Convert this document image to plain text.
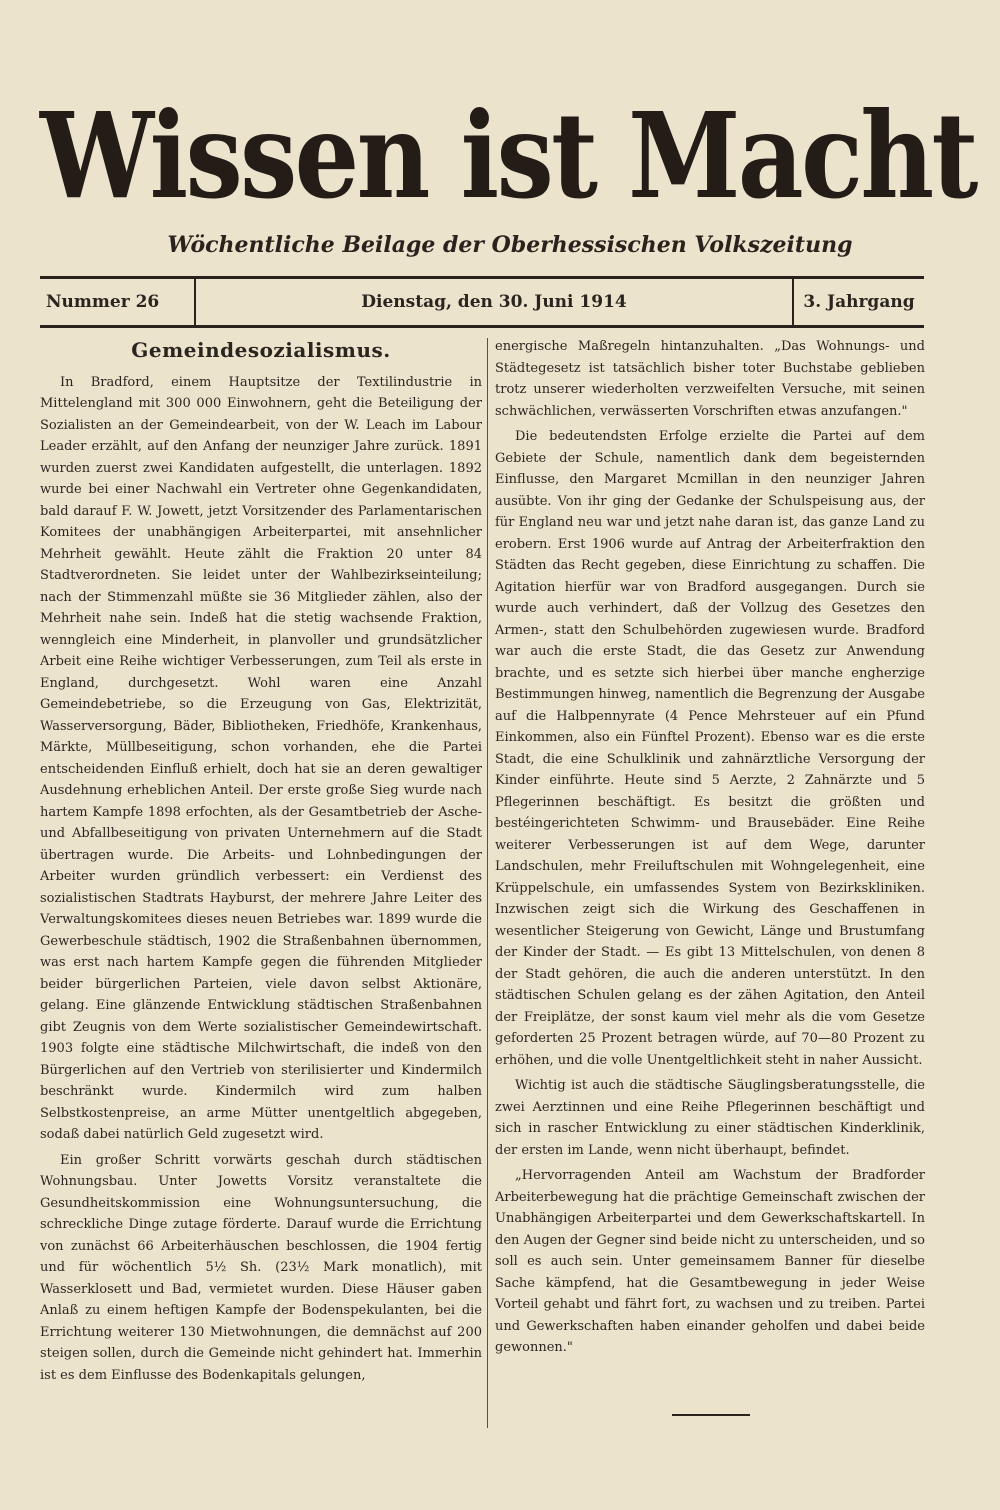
Wissen ist Macht
Wöchentliche Beilage der Oberhessischen Volkszeitung
Nummer 26	Dienstag, den 30. Juni 1914	3. Jahrgang
Gemeindesozialismus.

In Bradford, einem Hauptsitze der Textilindustrie in Mittelengland mit 300 000 Einwohnern, geht die Beteiligung der Sozialisten an der Gemeindearbeit, von der W. Leach im Labour Leader erzählt, auf den Anfang der neunziger Jahre zurück. 1891 wurden zuerst zwei Kandidaten aufgestellt, die unterlagen. 1892 wurde bei einer Nachwahl ein Vertreter ohne Gegenkandidaten, bald darauf F. W. Jowett, jetzt Vorsitzender des Parlamentarischen Komitees der unabhängigen Arbeiterpartei, mit ansehnlicher Mehrheit gewählt. Heute zählt die Fraktion 20 unter 84 Stadtverordneten. Sie leidet unter der Wahlbezirkseinteilung; nach der Stimmenzahl müßte sie 36 Mitglieder zählen, also der Mehrheit nahe sein. Indeß hat die stetig wachsende Fraktion, wenngleich eine Minderheit, in planvoller und grundsätzlicher Arbeit eine Reihe wichtiger Verbesserungen, zum Teil als erste in England, durchgesetzt. Wohl waren eine Anzahl Gemeindebetriebe, so die Erzeugung von Gas, Elektrizität, Wasserversorgung, Bäder, Bibliotheken, Friedhöfe, Krankenhaus, Märkte, Müllbeseitigung, schon vorhanden, ehe die Partei entscheidenden Einfluß erhielt, doch hat sie an deren gewaltiger Ausdehnung erheblichen Anteil. Der erste große Sieg wurde nach hartem Kampfe 1898 erfochten, als der Gesamtbetrieb der Asche- und Abfallbeseitigung von privaten Unternehmern auf die Stadt übertragen wurde. Die Arbeits- und Lohnbedingungen der Arbeiter wurden gründlich verbessert: ein Verdienst des sozialistischen Stadtrats Hayburst, der mehrere Jahre Leiter des Verwaltungskomitees dieses neuen Betriebes war. 1899 wurde die Gewerbeschule städtisch, 1902 die Straßenbahnen übernommen, was erst nach hartem Kampfe gegen die führenden Mitglieder beider bürgerlichen Parteien, viele davon selbst Aktionäre, gelang. Eine glänzende Entwicklung städtischen Straßenbahnen gibt Zeugnis von dem Werte sozialistischer Gemeindewirtschaft. 1903 folgte eine städtische Milchwirtschaft, die indeß von den Bürgerlichen auf den Vertrieb von sterilisierter und Kindermilch beschränkt wurde. Kindermilch wird zum halben Selbstkostenpreise, an arme Mütter unentgeltlich abgegeben, sodaß dabei natürlich Geld zugesetzt wird.

Ein großer Schritt vorwärts geschah durch städtischen Wohnungsbau. Unter Jowetts Vorsitz veranstaltete die Gesundheitskommission eine Wohnungsuntersuchung, die schreckliche Dinge zutage förderte. Darauf wurde die Errichtung von zunächst 66 Arbeiterhäuschen beschlossen, die 1904 fertig und für wöchentlich 5½ Sh. (23½ Mark monatlich), mit Wasserklosett und Bad, vermietet wurden. Diese Häuser gaben Anlaß zu einem heftigen Kampfe der Bodenspekulanten, bei die Errichtung weiterer 130 Mietwohnungen, die demnächst auf 200 steigen sollen, durch die Gemeinde nicht gehindert hat. Immerhin ist es dem Einflusse des Bodenkapitals gelungen,

energische Maßregeln hintanzuhalten. „Das Wohnungs- und Städtegesetz ist tatsächlich bisher toter Buchstabe geblieben trotz unserer wiederholten verzweifelten Versuche, mit seinen schwächlichen, verwässerten Vorschriften etwas anzufangen."

Die bedeutendsten Erfolge erzielte die Partei auf dem Gebiete der Schule, namentlich dank dem begeisternden Einflusse, den Margaret Mcmillan in den neunziger Jahren ausübte. Von ihr ging der Gedanke der Schulspeisung aus, der für England neu war und jetzt nahe daran ist, das ganze Land zu erobern. Erst 1906 wurde auf Antrag der Arbeiterfraktion den Städten das Recht gegeben, diese Einrichtung zu schaffen. Die Agitation hierfür war von Bradford ausgegangen. Durch sie wurde auch verhindert, daß der Vollzug des Gesetzes den Armen-, statt den Schulbehörden zugewiesen wurde. Bradford war auch die erste Stadt, die das Gesetz zur Anwendung brachte, und es setzte sich hierbei über manche engherzige Bestimmungen hinweg, namentlich die Begrenzung der Ausgabe auf die Halbpennyrate (4 Pence Mehrsteuer auf ein Pfund Einkommen, also ein Fünftel Prozent). Ebenso war es die erste Stadt, die eine Schulklinik und zahnärztliche Versorgung der Kinder einführte. Heute sind 5 Aerzte, 2 Zahnärzte und 5 Pflegerinnen beschäftigt. Es besitzt die größten und bestéingerichteten Schwimm- und Brausebäder. Eine Reihe weiterer Verbesserungen ist auf dem Wege, darunter Landschulen, mehr Freiluftschulen mit Wohngelegenheit, eine Krüppelschule, ein umfassendes System von Bezirkskliniken. Inzwischen zeigt sich die Wirkung des Geschaffenen in wesentlicher Steigerung von Gewicht, Länge und Brustumfang der Kinder der Stadt. — Es gibt 13 Mittelschulen, von denen 8 der Stadt gehören, die auch die anderen unterstützt. In den städtischen Schulen gelang es der zähen Agitation, den Anteil der Freiplätze, der sonst kaum viel mehr als die vom Gesetze geforderten 25 Prozent betragen würde, auf 70—80 Prozent zu erhöhen, und die volle Unentgeltlichkeit steht in naher Aussicht.

Wichtig ist auch die städtische Säuglingsberatungsstelle, die zwei Aerztinnen und eine Reihe Pflegerinnen beschäftigt und sich in rascher Entwicklung zu einer städtischen Kinderklinik, der ersten im Lande, wenn nicht überhaupt, befindet.

„Hervorragenden Anteil am Wachstum der Bradforder Arbeiterbewegung hat die prächtige Gemeinschaft zwischen der Unabhängigen Arbeiterpartei und dem Gewerkschaftskartell. In den Augen der Gegner sind beide nicht zu unterscheiden, und so soll es auch sein. Unter gemeinsamem Banner für dieselbe Sache kämpfend, hat die Gesamtbewegung in jeder Weise Vorteil gehabt und fährt fort, zu wachsen und zu treiben. Partei und Gewerkschaften haben einander geholfen und dabei beide gewonnen."
